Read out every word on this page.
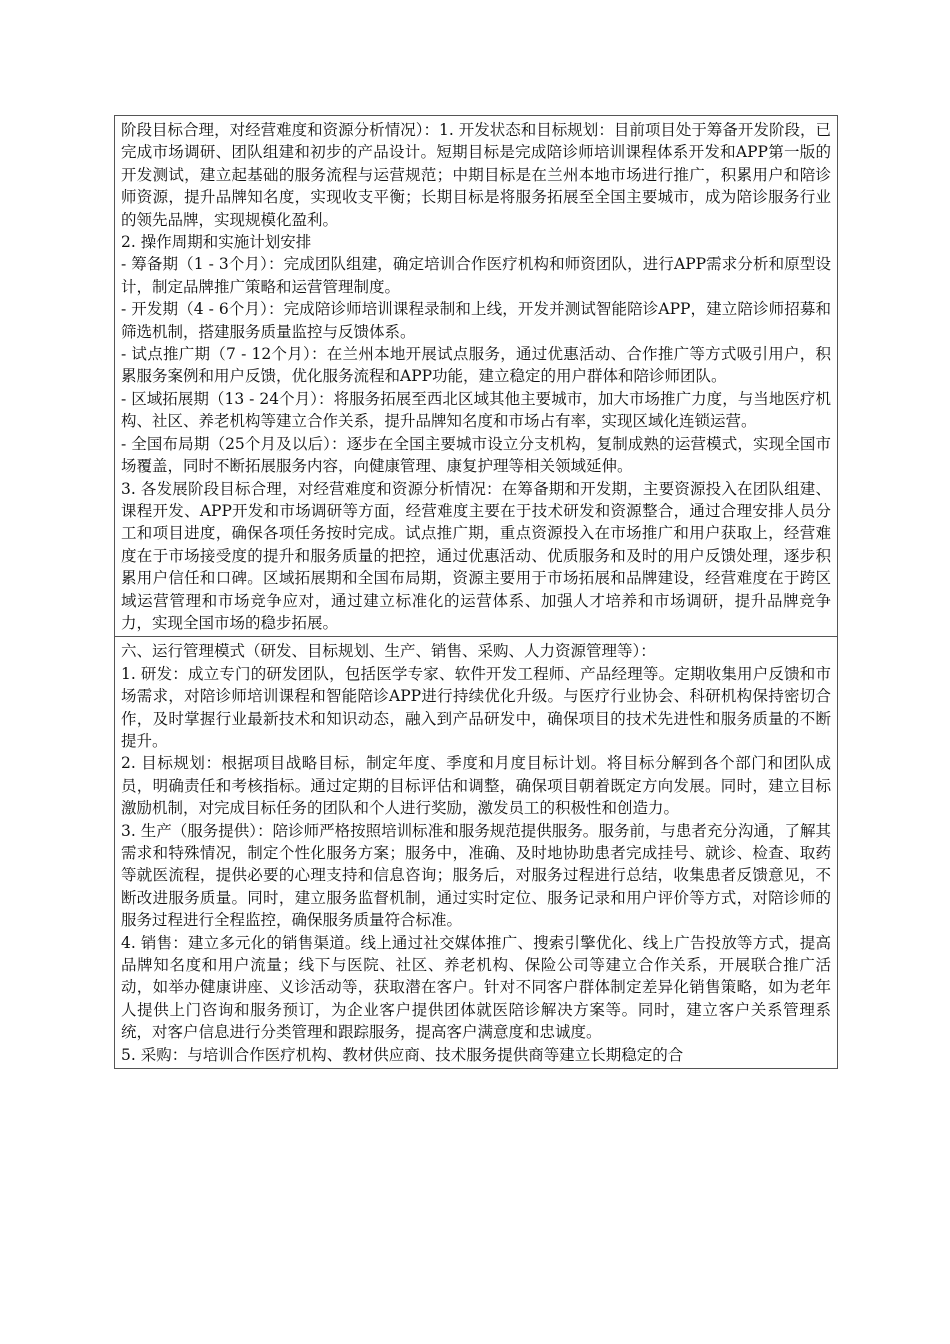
阶段目标合理，对经营难度和资源分析情况）：1. 开发状态和目标规划：目前项目处于筹备开发阶段，已完成市场调研、团队组建和初步的产品设计。短期目标是完成陪诊师培训课程体系开发和APP第一版的开发测试，建立起基础的服务流程与运营规范；中期目标是在兰州本地市场进行推广，积累用户和陪诊师资源，提升品牌知名度，实现收支平衡；长期目标是将服务拓展至全国主要城市，成为陪诊服务行业的领先品牌，实现规模化盈利。

2. 操作周期和实施计划安排

- 筹备期（1 - 3个月）：完成团队组建，确定培训合作医疗机构和师资团队，进行APP需求分析和原型设计，制定品牌推广策略和运营管理制度。

- 开发期（4 - 6个月）：完成陪诊师培训课程录制和上线，开发并测试智能陪诊APP，建立陪诊师招募和筛选机制，搭建服务质量监控与反馈体系。

- 试点推广期（7 - 12个月）：在兰州本地开展试点服务，通过优惠活动、合作推广等方式吸引用户，积累服务案例和用户反馈，优化服务流程和APP功能，建立稳定的用户群体和陪诊师团队。

- 区域拓展期（13 - 24个月）：将服务拓展至西北区域其他主要城市，加大市场推广力度，与当地医疗机构、社区、养老机构等建立合作关系，提升品牌知名度和市场占有率，实现区域化连锁运营。

- 全国布局期（25个月及以后）：逐步在全国主要城市设立分支机构，复制成熟的运营模式，实现全国市场覆盖，同时不断拓展服务内容，向健康管理、康复护理等相关领域延伸。

3. 各发展阶段目标合理，对经营难度和资源分析情况：在筹备期和开发期，主要资源投入在团队组建、课程开发、APP开发和市场调研等方面，经营难度主要在于技术研发和资源整合，通过合理安排人员分工和项目进度，确保各项任务按时完成。试点推广期，重点资源投入在市场推广和用户获取上，经营难度在于市场接受度的提升和服务质量的把控，通过优惠活动、优质服务和及时的用户反馈处理，逐步积累用户信任和口碑。区域拓展期和全国布局期，资源主要用于市场拓展和品牌建设，经营难度在于跨区域运营管理和市场竞争应对，通过建立标准化的运营体系、加强人才培养和市场调研，提升品牌竞争力，实现全国市场的稳步拓展。

六、运行管理模式（研发、目标规划、生产、销售、采购、人力资源管理等）：

1. 研发：成立专门的研发团队，包括医学专家、软件开发工程师、产品经理等。定期收集用户反馈和市场需求，对陪诊师培训课程和智能陪诊APP进行持续优化升级。与医疗行业协会、科研机构保持密切合作，及时掌握行业最新技术和知识动态，融入到产品研发中，确保项目的技术先进性和服务质量的不断提升。

2. 目标规划：根据项目战略目标，制定年度、季度和月度目标计划。将目标分解到各个部门和团队成员，明确责任和考核指标。通过定期的目标评估和调整，确保项目朝着既定方向发展。同时，建立目标激励机制，对完成目标任务的团队和个人进行奖励，激发员工的积极性和创造力。

3. 生产（服务提供）：陪诊师严格按照培训标准和服务规范提供服务。服务前，与患者充分沟通，了解其需求和特殊情况，制定个性化服务方案；服务中，准确、及时地协助患者完成挂号、就诊、检查、取药等就医流程，提供必要的心理支持和信息咨询；服务后，对服务过程进行总结，收集患者反馈意见，不断改进服务质量。同时，建立服务监督机制，通过实时定位、服务记录和用户评价等方式，对陪诊师的服务过程进行全程监控，确保服务质量符合标准。

4. 销售：建立多元化的销售渠道。线上通过社交媒体推广、搜索引擎优化、线上广告投放等方式，提高品牌知名度和用户流量；线下与医院、社区、养老机构、保险公司等建立合作关系，开展联合推广活动，如举办健康讲座、义诊活动等，获取潜在客户。针对不同客户群体制定差异化销售策略，如为老年人提供上门咨询和服务预订，为企业客户提供团体就医陪诊解决方案等。同时，建立客户关系管理系统，对客户信息进行分类管理和跟踪服务，提高客户满意度和忠诚度。

5. 采购：与培训合作医疗机构、教材供应商、技术服务提供商等建立长期稳定的合
